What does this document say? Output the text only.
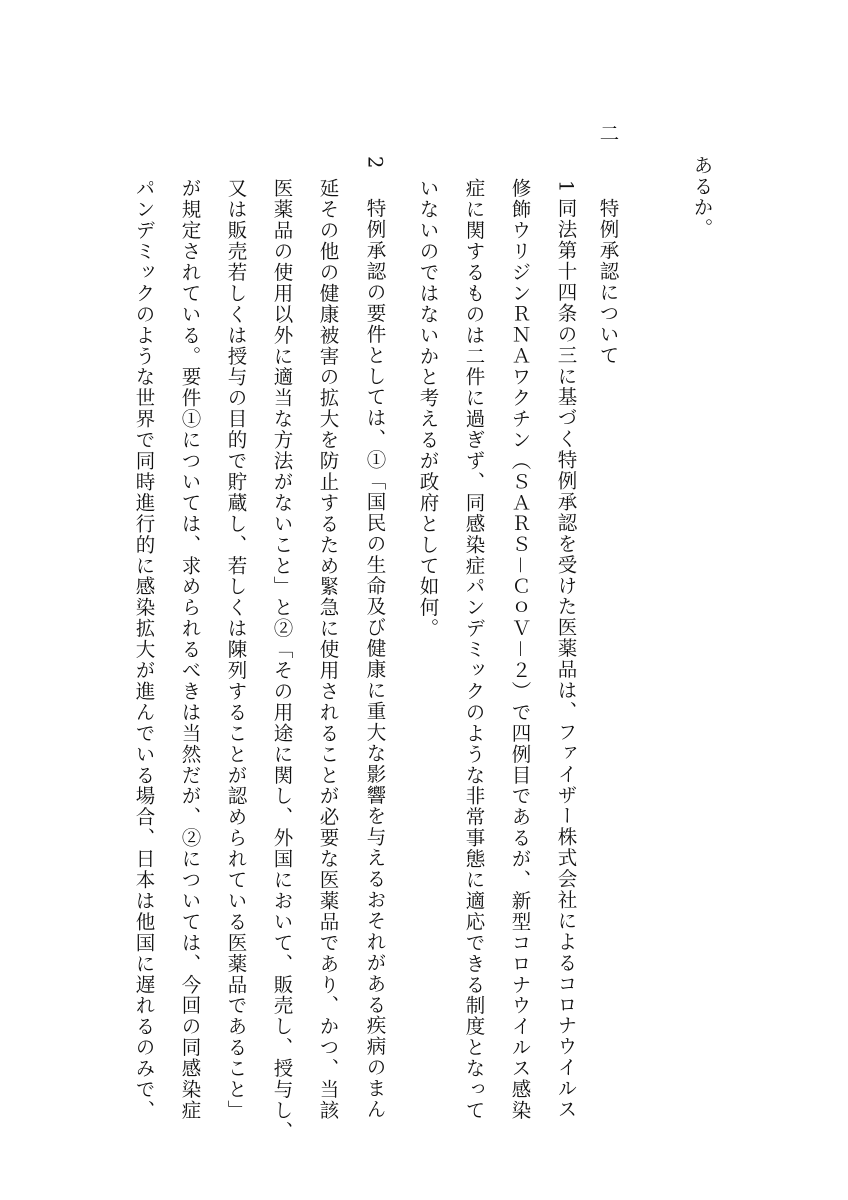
あるか。
二
特例承認について
1
同法第十四条の三に基づく特例承認を受けた医薬品は、ファイザー株式会社によるコロナウイルス
修飾ウリジンＲＮＡワクチン（ＳＡＲＳ－ＣｏＶ－２）で四例目であるが、新型コロナウイルス感染
症に関するものは二件に過ぎず、同感染症パンデミックのような非常事態に適応できる制度となって
いないのではないかと考えるが政府として如何。
2
特例承認の要件としては、①「国民の生命及び健康に重大な影響を与えるおそれがある疾病のまん
延その他の健康被害の拡大を防止するため緊急に使用されることが必要な医薬品であり、かつ、当該
医薬品の使用以外に適当な方法がないこと」と②「その用途に関し、外国において、販売し、授与し、
又は販売若しくは授与の目的で貯蔵し、若しくは陳列することが認められている医薬品であること」
が規定されている。要件①については、求められるべきは当然だが、②については、今回の同感染症
パンデミックのような世界で同時進行的に感染拡大が進んでいる場合、日本は他国に遅れるのみで、
